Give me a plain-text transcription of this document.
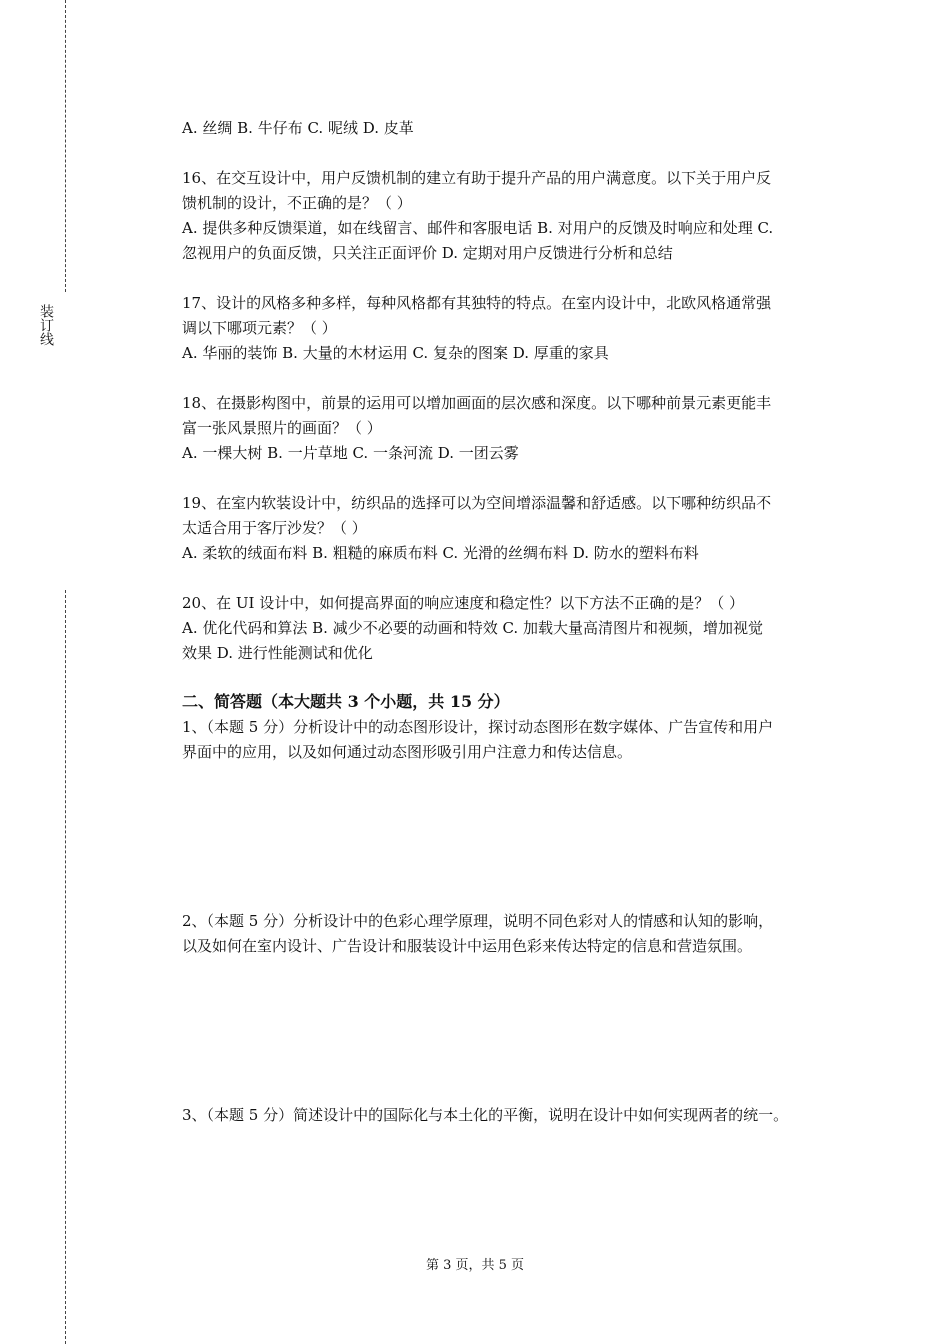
装订线
A. 丝绸 B. 牛仔布 C. 呢绒 D. 皮革
16、在交互设计中，用户反馈机制的建立有助于提升产品的用户满意度。以下关于用户反
馈机制的设计，不正确的是？（ ）
A. 提供多种反馈渠道，如在线留言、邮件和客服电话 B. 对用户的反馈及时响应和处理 C.
忽视用户的负面反馈，只关注正面评价 D. 定期对用户反馈进行分析和总结
17、设计的风格多种多样，每种风格都有其独特的特点。在室内设计中，北欧风格通常强
调以下哪项元素？（ ）
A. 华丽的装饰 B. 大量的木材运用 C. 复杂的图案 D. 厚重的家具
18、在摄影构图中，前景的运用可以增加画面的层次感和深度。以下哪种前景元素更能丰
富一张风景照片的画面？（ ）
A. 一棵大树 B. 一片草地 C. 一条河流 D. 一团云雾
19、在室内软装设计中，纺织品的选择可以为空间增添温馨和舒适感。以下哪种纺织品不
太适合用于客厅沙发？（ ）
A. 柔软的绒面布料 B. 粗糙的麻质布料 C. 光滑的丝绸布料 D. 防水的塑料布料
20、在 UI 设计中，如何提高界面的响应速度和稳定性？以下方法不正确的是？（ ）
A. 优化代码和算法 B. 减少不必要的动画和特效 C. 加载大量高清图片和视频，增加视觉
效果 D. 进行性能测试和优化
二、简答题（本大题共 3 个小题，共 15 分）
1、（本题 5 分）分析设计中的动态图形设计，探讨动态图形在数字媒体、广告宣传和用户
界面中的应用，以及如何通过动态图形吸引用户注意力和传达信息。
2、（本题 5 分）分析设计中的色彩心理学原理，说明不同色彩对人的情感和认知的影响，
以及如何在室内设计、广告设计和服装设计中运用色彩来传达特定的信息和营造氛围。
3、（本题 5 分）简述设计中的国际化与本土化的平衡，说明在设计中如何实现两者的统一。
第 3 页，共 5 页
